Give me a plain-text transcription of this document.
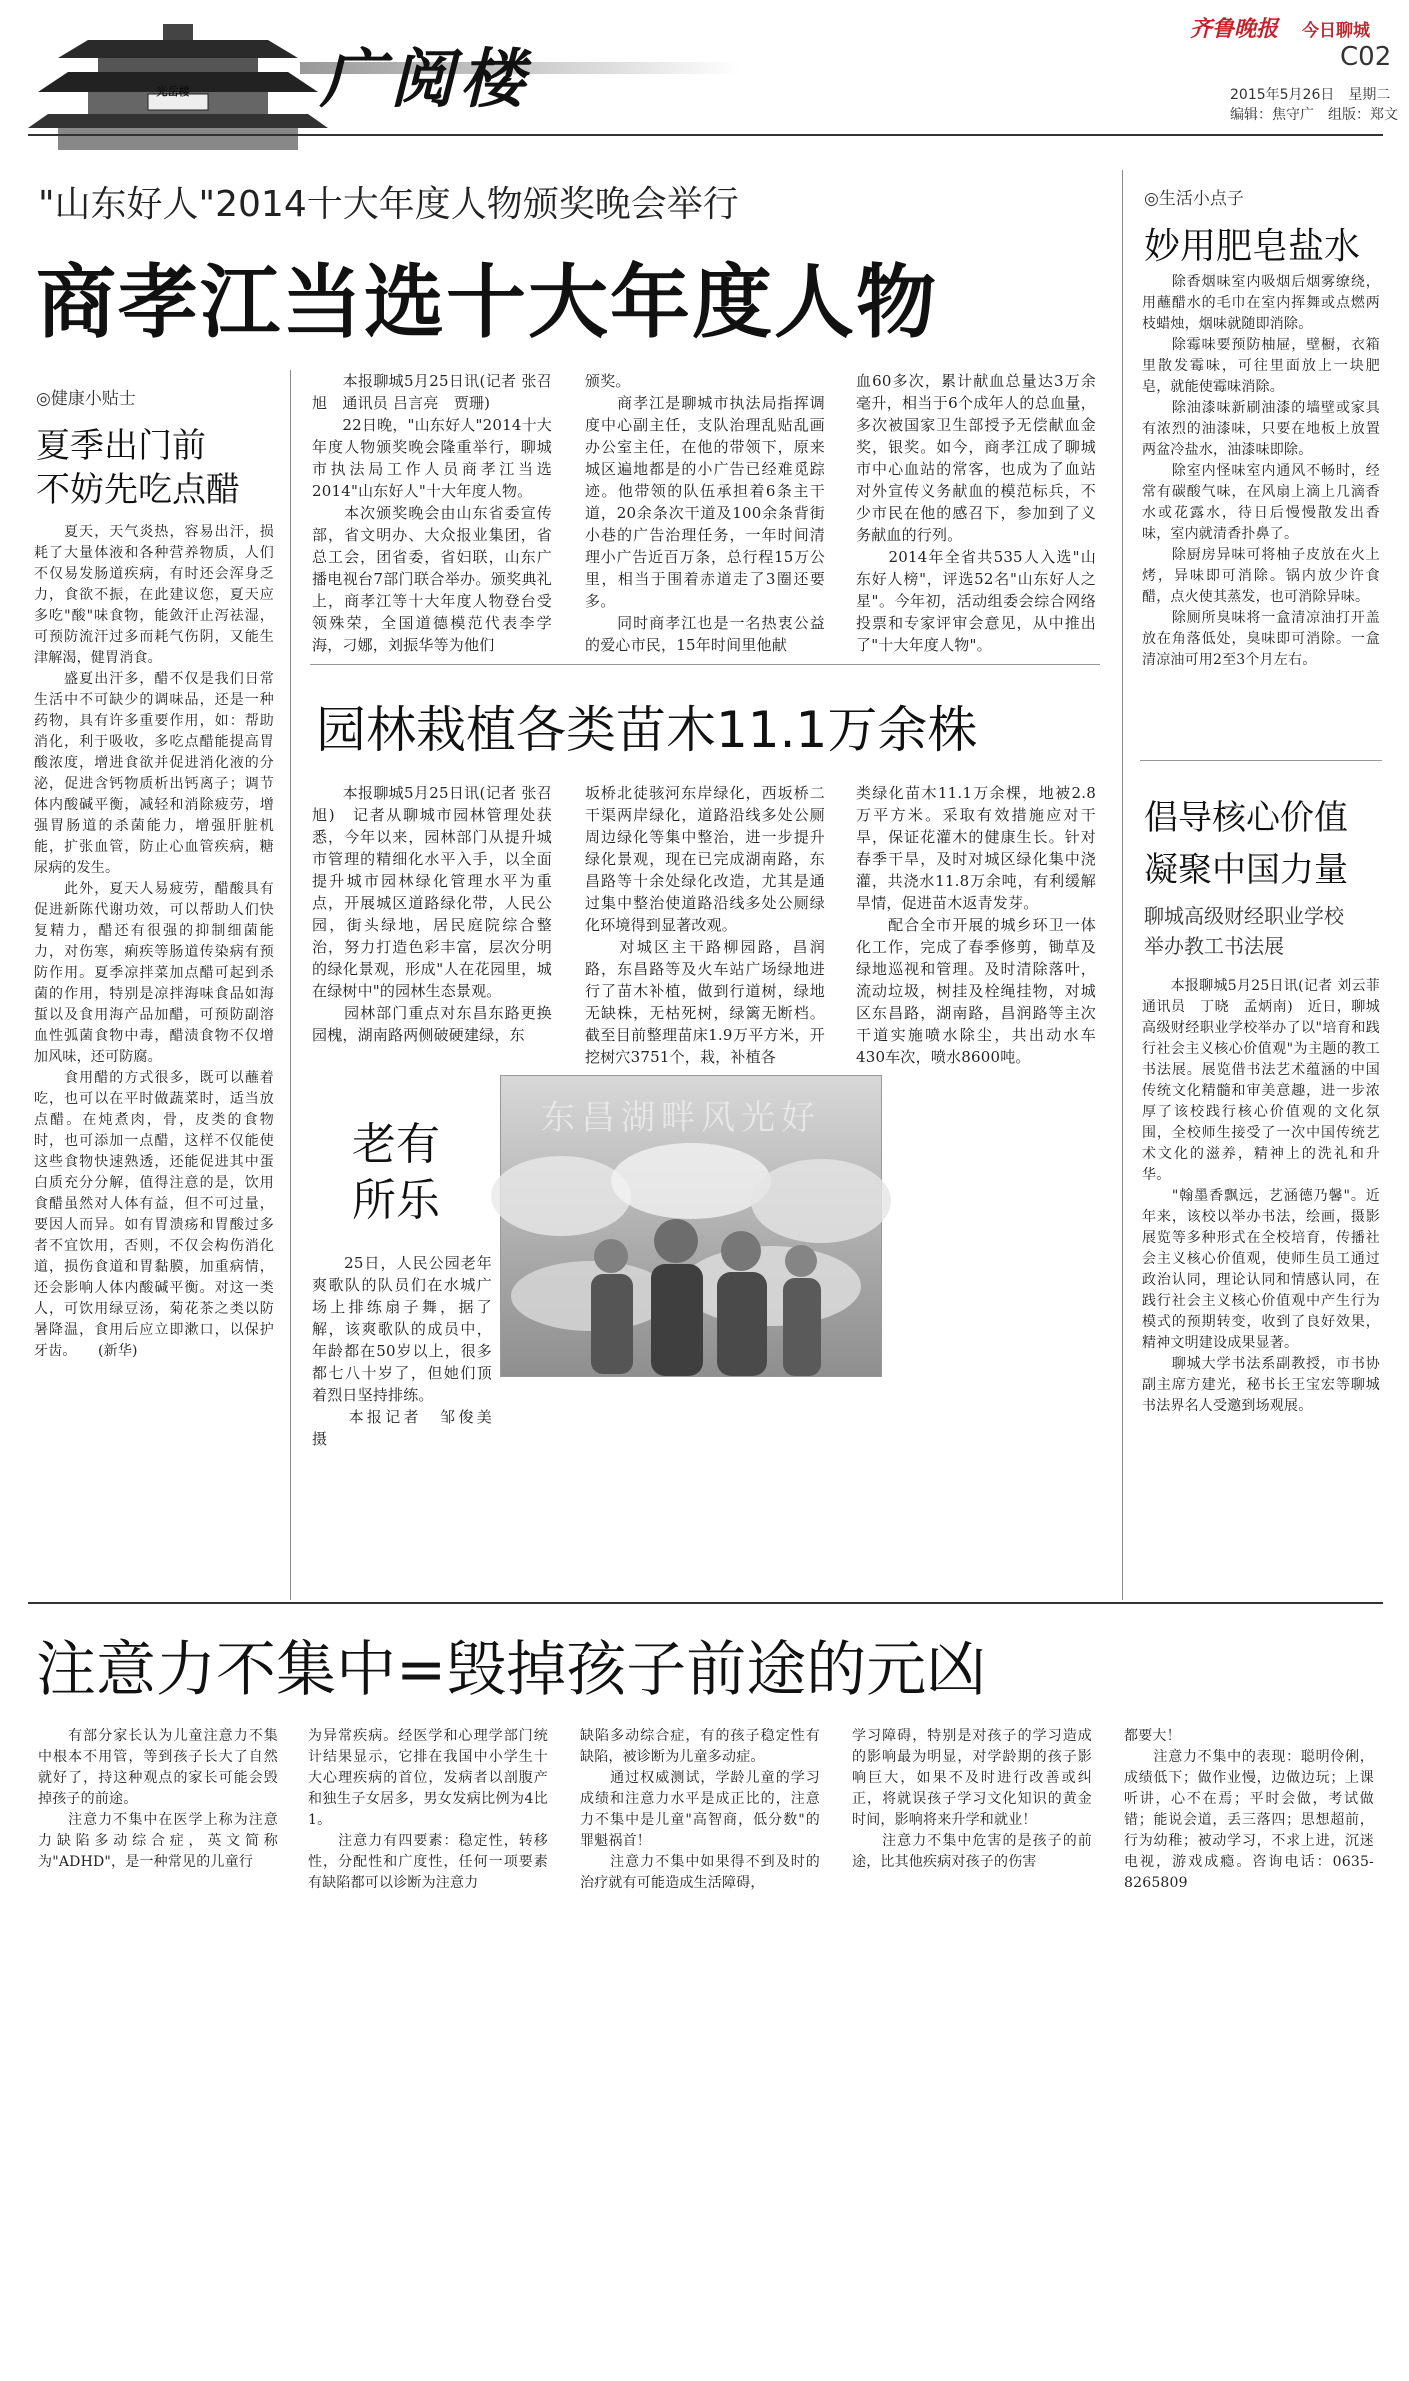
光岳楼 广阅楼
齐鲁晚报 今日聊城
C02
2015年5月26日　星期二
编辑：焦守广　组版：郑文
"山东好人"2014十大年度人物颁奖晚会举行
商孝江当选十大年度人物
　　本报聊城5月25日讯(记者 张召旭　通讯员 吕言亮　贾珊)
　　22日晚，"山东好人"2014十大年度人物颁奖晚会隆重举行，聊城市执法局工作人员商孝江当选2014"山东好人"十大年度人物。
　　本次颁奖晚会由山东省委宣传部，省文明办、大众报业集团，省总工会，团省委，省妇联，山东广播电视台7部门联合举办。颁奖典礼上，商孝江等十大年度人物登台受领殊荣，全国道德模范代表李学海，刁娜，刘振华等为他们
颁奖。
　　商孝江是聊城市执法局指挥调度中心副主任，支队治理乱贴乱画办公室主任，在他的带领下，原来城区遍地都是的小广告已经难觅踪迹。他带领的队伍承担着6条主干道，20余条次干道及100余条背街小巷的广告治理任务，一年时间清理小广告近百万条，总行程15万公里，相当于围着赤道走了3圈还要多。
　　同时商孝江也是一名热衷公益的爱心市民，15年时间里他献
血60多次，累计献血总量达3万余毫升，相当于6个成年人的总血量，多次被国家卫生部授予无偿献血金奖，银奖。如今，商孝江成了聊城市中心血站的常客，也成为了血站对外宣传义务献血的模范标兵，不少市民在他的感召下，参加到了义务献血的行列。
　　2014年全省共535人入选"山东好人榜"，评选52名"山东好人之星"。今年初，活动组委会综合网络投票和专家评审会意见，从中推出了"十大年度人物"。
◎健康小贴士
夏季出门前
不妨先吃点醋
　　夏天，天气炎热，容易出汗，损耗了大量体液和各种营养物质，人们不仅易发肠道疾病，有时还会浑身乏力，食欲不振，在此建议您，夏天应多吃"酸"味食物，能敛汗止泻祛湿，可预防流汗过多而耗气伤阴，又能生津解渴，健胃消食。
　　盛夏出汗多，醋不仅是我们日常生活中不可缺少的调味品，还是一种药物，具有许多重要作用，如：帮助消化，利于吸收，多吃点醋能提高胃酸浓度，增进食欲并促进消化液的分泌，促进含钙物质析出钙离子；调节体内酸碱平衡，减轻和消除疲劳，增强胃肠道的杀菌能力，增强肝脏机能，扩张血管，防止心血管疾病，糖尿病的发生。
　　此外，夏天人易疲劳，醋酸具有促进新陈代谢功效，可以帮助人们快复精力，醋还有很强的抑制细菌能力，对伤寒，痢疾等肠道传染病有预防作用。夏季凉拌菜加点醋可起到杀菌的作用，特别是凉拌海味食品如海蜇以及食用海产品加醋，可预防副溶血性弧菌食物中毒，醋渍食物不仅增加风味，还可防腐。
　　食用醋的方式很多，既可以蘸着吃，也可以在平时做蔬菜时，适当放点醋。在炖煮肉，骨，皮类的食物时，也可添加一点醋，这样不仅能使这些食物快速熟透，还能促进其中蛋白质充分分解，值得注意的是，饮用食醋虽然对人体有益，但不可过量，要因人而异。如有胃溃疡和胃酸过多者不宜饮用，否则，不仅会构伤消化道，损伤食道和胃黏膜，加重病情，还会影响人体内酸碱平衡。对这一类人，可饮用绿豆汤，菊花茶之类以防暑降温，食用后应立即漱口，以保护牙齿。　　(新华)
◎生活小点子
妙用肥皂盐水
　　除香烟味室内吸烟后烟雾缭绕，用蘸醋水的毛巾在室内挥舞或点燃两枝蜡烛，烟味就随即消除。
　　除霉味要预防柚屉，壁橱，衣箱里散发霉味，可往里面放上一块肥皂，就能使霉味消除。
　　除油漆味新刷油漆的墙壁或家具有浓烈的油漆味，只要在地板上放置两盆冷盐水，油漆味即除。
　　除室内怪味室内通风不畅时，经常有碳酸气味，在风扇上滴上几滴香水或花露水，待日后慢慢散发出香味，室内就清香扑鼻了。
　　除厨房异味可将柚子皮放在火上烤，异味即可消除。锅内放少许食醋，点火使其蒸发，也可消除异味。
　　除厕所臭味将一盒清凉油打开盖放在角落低处，臭味即可消除。一盒清凉油可用2至3个月左右。
园林栽植各类苗木11.1万余株
　　本报聊城5月25日讯(记者 张召旭)　记者从聊城市园林管理处获悉，今年以来，园林部门从提升城市管理的精细化水平入手，以全面提升城市园林绿化管理水平为重点，开展城区道路绿化带，人民公园，街头绿地，居民庭院综合整治，努力打造色彩丰富，层次分明的绿化景观，形成"人在花园里，城在绿树中"的园林生态景观。
　　园林部门重点对东昌东路更换园槐，湖南路两侧破硬建绿，东
坂桥北徒骇河东岸绿化，西坂桥二干渠两岸绿化，道路沿线多处公厕周边绿化等集中整治，进一步提升绿化景观，现在已完成湖南路，东昌路等十余处绿化改造，尤其是通过集中整治使道路沿线多处公厕绿化环境得到显著改观。
　　对城区主干路柳园路，昌润路，东昌路等及火车站广场绿地进行了苗木补植，做到行道树，绿地无缺株，无枯死树，绿篱无断档。截至目前整理苗床1.9万平方米，开挖树穴3751个，栽，补植各
类绿化苗木11.1万余棵，地被2.8万平方米。采取有效措施应对干旱，保证花灌木的健康生长。针对春季干旱，及时对城区绿化集中浇灌，共浇水11.8万余吨，有利缓解旱情，促进苗木返青发芽。
　　配合全市开展的城乡环卫一体化工作，完成了春季修剪，锄草及绿地巡视和管理。及时清除落叶，流动垃圾，树挂及栓绳挂物，对城区东昌路，湖南路，昌润路等主次干道实施喷水除尘，共出动水车430车次，喷水8600吨。
老有
所乐
　　25日，人民公园老年爽歌队的队员们在水城广场上排练扇子舞，据了解，该爽歌队的成员中，年龄都在50岁以上，很多都七八十岁了，但她们顶着烈日坚持排练。
　　本报记者　邹俊美　摄
东昌湖畔风光好
倡导核心价值
凝聚中国力量
聊城高级财经职业学校
举办教工书法展
　　本报聊城5月25日讯(记者 刘云菲　通讯员　丁晓　孟炳南)　近日，聊城高级财经职业学校举办了以"培育和践行社会主义核心价值观"为主题的教工书法展。展览借书法艺术蕴涵的中国传统文化精髓和审美意趣，进一步浓厚了该校践行核心价值观的文化氛围，全校师生接受了一次中国传统艺术文化的滋养，精神上的洗礼和升华。
　　"翰墨香飘远，艺涵德乃馨"。近年来，该校以举办书法，绘画，摄影展览等多种形式在全校培育，传播社会主义核心价值观，使师生员工通过政治认同，理论认同和情感认同，在践行社会主义核心价值观中产生行为模式的预期转变，收到了良好效果，精神文明建设成果显著。
　　聊城大学书法系副教授，市书协副主席方建光，秘书长王宝宏等聊城书法界名人受邀到场观展。
注意力不集中=毁掉孩子前途的元凶
　　有部分家长认为儿童注意力不集中根本不用管，等到孩子长大了自然就好了，持这种观点的家长可能会毁掉孩子的前途。
　　注意力不集中在医学上称为注意力缺陷多动综合症，英文简称为"ADHD"，是一种常见的儿童行
为异常疾病。经医学和心理学部门统计结果显示，它排在我国中小学生十大心理疾病的首位，发病者以剖腹产和独生子女居多，男女发病比例为4比1。
　　注意力有四要素：稳定性，转移性，分配性和广度性，任何一项要素有缺陷都可以诊断为注意力
缺陷多动综合症，有的孩子稳定性有缺陷，被诊断为儿童多动症。
　　通过权威测试，学龄儿童的学习成绩和注意力水平是成正比的，注意力不集中是儿童"高智商，低分数"的罪魁祸首！
　　注意力不集中如果得不到及时的治疗就有可能造成生活障碍，
学习障碍，特别是对孩子的学习造成的影响最为明显，对学龄期的孩子影响巨大，如果不及时进行改善或纠正，将就误孩子学习文化知识的黄金时间，影响将来升学和就业！
　　注意力不集中危害的是孩子的前途，比其他疾病对孩子的伤害
都要大！
　　注意力不集中的表现：聪明伶俐，成绩低下；做作业慢，边做边玩；上课听讲，心不在焉；平时会做，考试做错；能说会道，丢三落四；思想超前，行为幼稚；被动学习，不求上进，沉迷电视，游戏成瘾。咨询电话：0635-8265809
